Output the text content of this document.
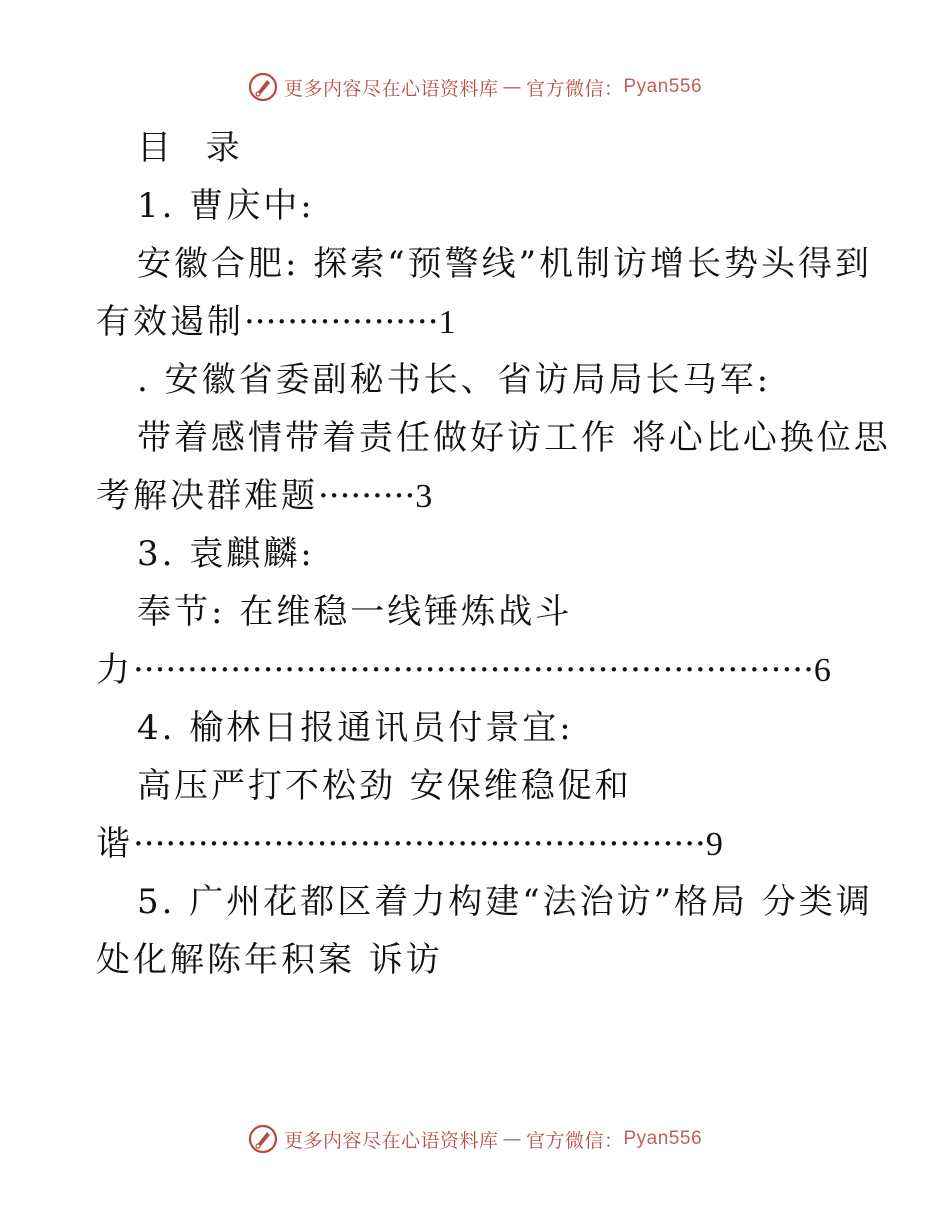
更多内容尽在心语资料库 — 官方微信： Pyan556
目 录
1. 曹庆中:
安徽合肥: 探索“预警线”机制访增长势头得到
有效遏制··················1
. 安徽省委副秘书长、省访局局长马军:
带着感情带着责任做好访工作 将心比心换位思
考解决群难题·········3
3. 袁麒麟:
奉节: 在维稳一线锤炼战斗
力·······························································6
4. 榆林日报通讯员付景宜:
高压严打不松劲 安保维稳促和
谐·····················································9
5. 广州花都区着力构建“法治访”格局 分类调
处化解陈年积案 诉访
更多内容尽在心语资料库 — 官方微信： Pyan556
